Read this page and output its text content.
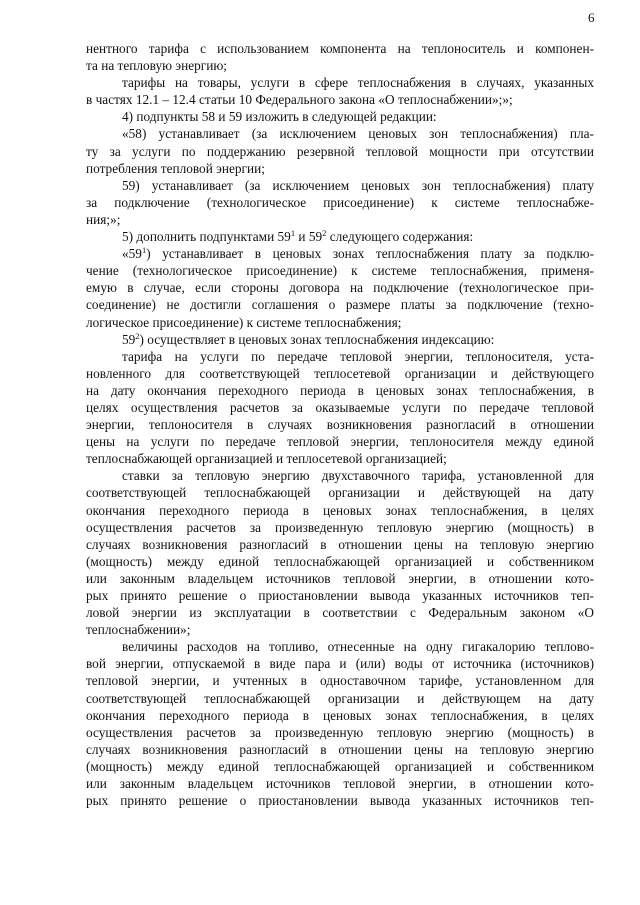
6
нентного тарифа с использованием компонента на теплоноситель и компонен-
та на тепловую энергию;
тарифы на товары, услуги в сфере теплоснабжения в случаях, указанных
в частях 12.1 – 12.4 статьи 10 Федерального закона «О теплоснабжении»;»;
4) подпункты 58 и 59 изложить в следующей редакции:
«58) устанавливает (за исключением ценовых зон теплоснабжения) пла-
ту за услуги по поддержанию резервной тепловой мощности при отсутствии
потребления тепловой энергии;
59) устанавливает (за исключением ценовых зон теплоснабжения) плату
за подключение (технологическое присоединение) к системе теплоснабже-
ния;»;
5) дополнить подпунктами $59^1$ и $59^2$ следующего содержания:
«$59^1$) устанавливает в ценовых зонах теплоснабжения плату за подклю-
чение (технологическое присоединение) к системе теплоснабжения, применя-
емую в случае, если стороны договора на подключение (технологическое при-
соединение) не достигли соглашения о размере платы за подключение (техно-
логическое присоединение) к системе теплоснабжения;
$59^2$) осуществляет в ценовых зонах теплоснабжения индексацию:
тарифа на услуги по передаче тепловой энергии, теплоносителя, уста-
новленного для соответствующей теплосетевой организации и действующего
на дату окончания переходного периода в ценовых зонах теплоснабжения, в
целях осуществления расчетов за оказываемые услуги по передаче тепловой
энергии, теплоносителя в случаях возникновения разногласий в отношении
цены на услуги по передаче тепловой энергии, теплоносителя между единой
теплоснабжающей организацией и теплосетевой организацией;
ставки за тепловую энергию двухставочного тарифа, установленной для
соответствующей теплоснабжающей организации и действующей на дату
окончания переходного периода в ценовых зонах теплоснабжения, в целях
осуществления расчетов за произведенную тепловую энергию (мощность) в
случаях возникновения разногласий в отношении цены на тепловую энергию
(мощность) между единой теплоснабжающей организацией и собственником
или законным владельцем источников тепловой энергии, в отношении кото-
рых принято решение о приостановлении вывода указанных источников теп-
ловой энергии из эксплуатации в соответствии с Федеральным законом «О
теплоснабжении»;
величины расходов на топливо, отнесенные на одну гигакалорию теплово-
вой энергии, отпускаемой в виде пара и (или) воды от источника (источников)
тепловой энергии, и учтенных в одноставочном тарифе, установленном для
соответствующей теплоснабжающей организации и действующем на дату
окончания переходного периода в ценовых зонах теплоснабжения, в целях
осуществления расчетов за произведенную тепловую энергию (мощность) в
случаях возникновения разногласий в отношении цены на тепловую энергию
(мощность) между единой теплоснабжающей организацией и собственником
или законным владельцем источников тепловой энергии, в отношении кото-
рых принято решение о приостановлении вывода указанных источников теп-
